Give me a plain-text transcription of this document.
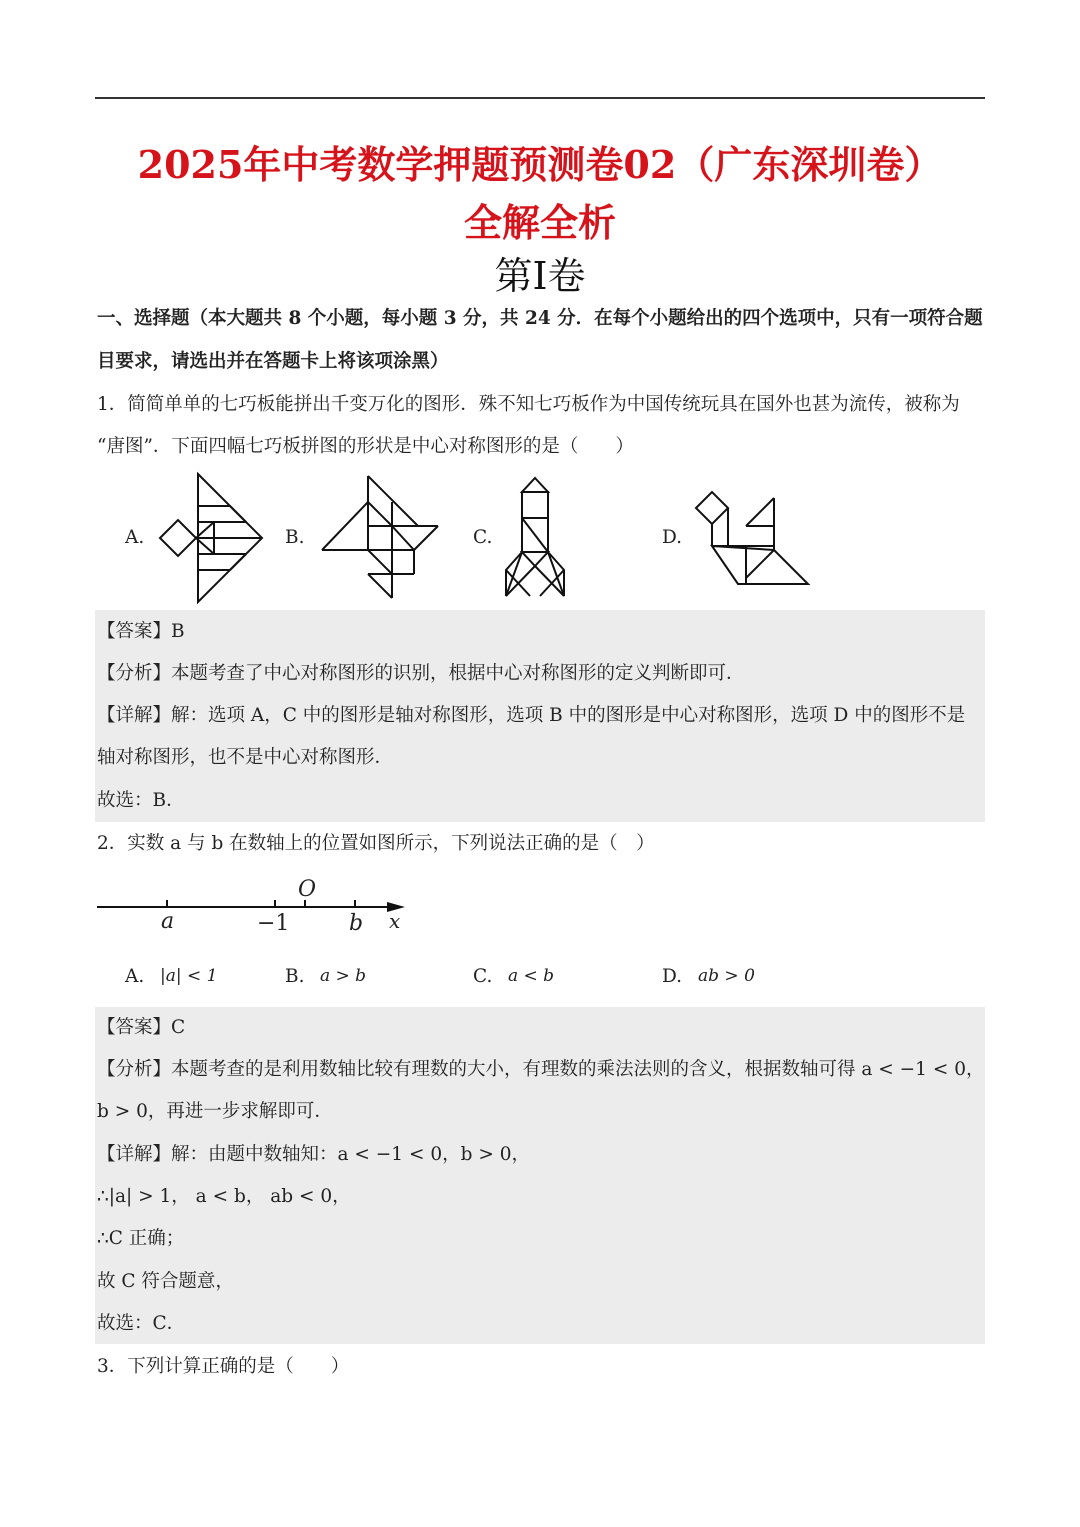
2025年中考数学押题预测卷02（广东深圳卷）
全解全析
第I卷
一、选择题（本大题共 8 个小题，每小题 3 分，共 24 分．在每个小题给出的四个选项中，只有一项符合题
目要求，请选出并在答题卡上将该项涂黑）
1．简简单单的七巧板能拼出千变万化的图形．殊不知七巧板作为中国传统玩具在国外也甚为流传，被称为
“唐图”．下面四幅七巧板拼图的形状是中心对称图形的是（　　）
A.	B.	C.	D.
【答案】B
【分析】本题考查了中心对称图形的识别，根据中心对称图形的定义判断即可．
【详解】解：选项 A，C 中的图形是轴对称图形，选项 B 中的图形是中心对称图形，选项 D 中的图形不是
轴对称图形，也不是中心对称图形．
故选：B．
2．实数 a 与 b 在数轴上的位置如图所示，下列说法正确的是（　）
a	−1
O
b x
A. |a| < 1	B. a > b	C. a < b	D. ab > 0
【答案】C
【分析】本题考查的是利用数轴比较有理数的大小，有理数的乘法法则的含义，根据数轴可得 a < −1 < 0，
b > 0，再进一步求解即可．
【详解】解：由题中数轴知：a < −1 < 0，b > 0，
∴|a| > 1， a < b， ab < 0，
∴C 正确；
故 C 符合题意，
故选：C．
3．下列计算正确的是（　　）
